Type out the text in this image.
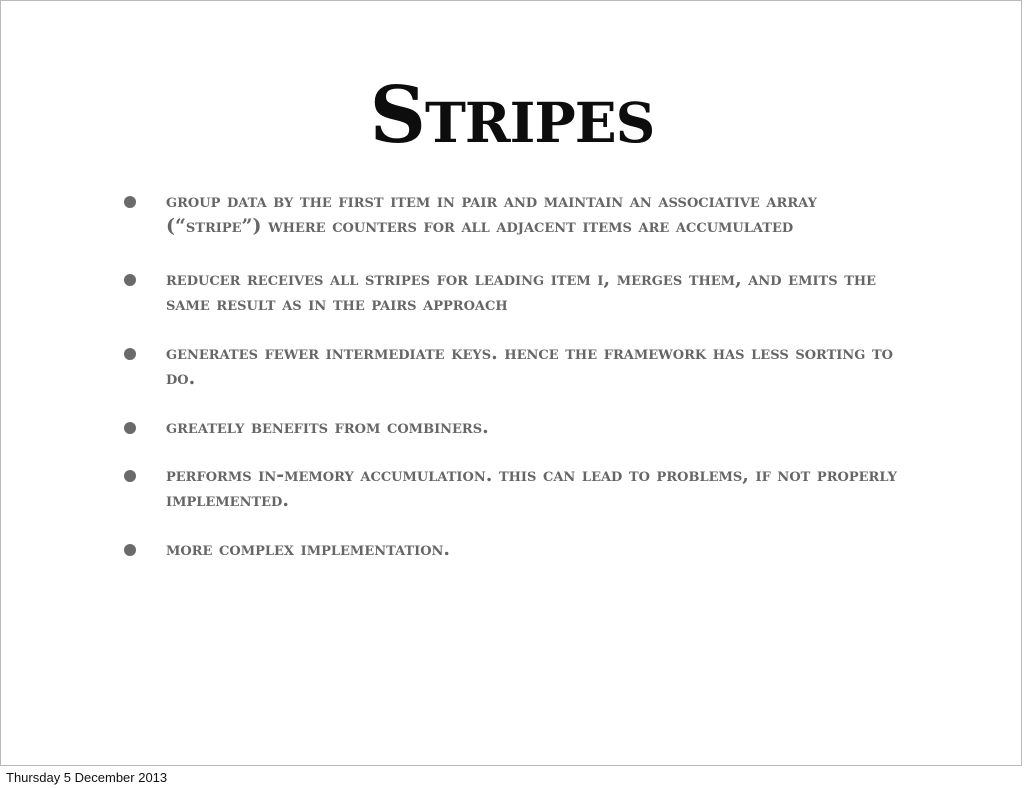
Stripes
group data by the first item in pair and maintain an associative array (“stripe”) where counters for all adjacent items are accumulated
reducer receives all stripes for leading item i, merges them, and emits the same result as in the pairs approach
generates fewer intermediate keys. hence the framework has less sorting to do.
greately benefits from combiners.
performs in-memory accumulation. this can lead to problems, if not properly implemented.
more complex implementation.
Thursday 5 December 2013
